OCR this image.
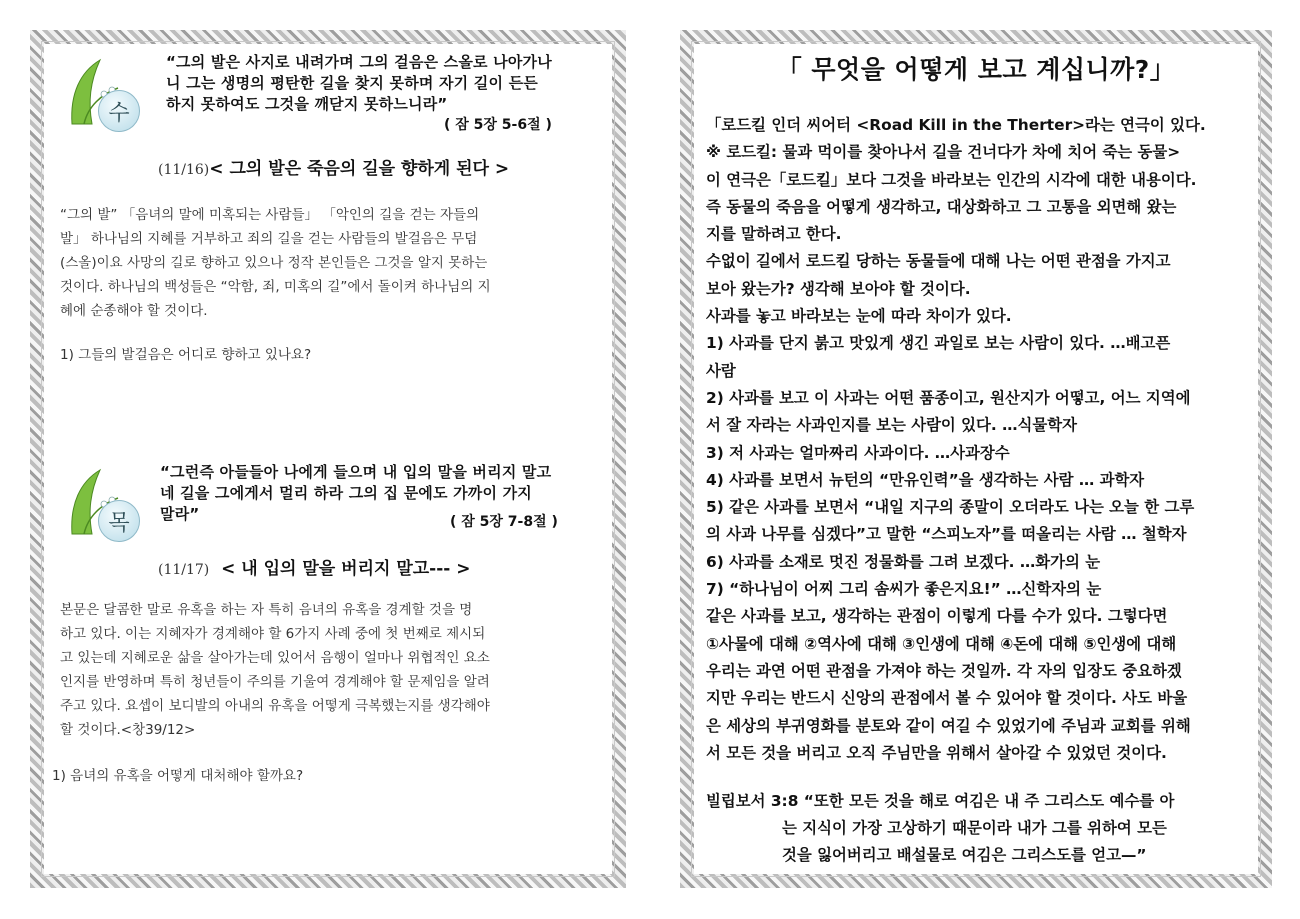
수
“그의 발은 사지로 내려가며 그의 걸음은 스올로 나아가나
니 그는 생명의 평탄한 길을 찾지 못하며 자기 길이 든든
하지 못하여도 그것을 깨닫지 못하느니라”
( 잠 5장 5-6절 )
(11/16)< 그의 발은 죽음의 길을 향하게 된다 >
“그의 발” 「음녀의 말에 미혹되는 사람들」 「악인의 길을 걷는 자들의
발」 하나님의 지혜를 거부하고 죄의 길을 걷는 사람들의 발걸음은 무덤
(스올)이요 사망의 길로 향하고 있으나 정작 본인들은 그것을 알지 못하는
것이다. 하나님의 백성들은 “악함, 죄, 미혹의 길”에서 돌이켜 하나님의 지
혜에 순종해야 할 것이다.
1) 그들의 발걸음은 어디로 향하고 있나요?
목
“그런즉 아들들아 나에게 들으며 내 입의 말을 버리지 말고
네 길을 그에게서 멀리 하라 그의 집 문에도 가까이 가지
말라”	( 잠 5장 7-8절 )
(11/17) < 내 입의 말을 버리지 말고--- >
본문은 달콤한 말로 유혹을 하는 자 특히 음녀의 유혹을 경계할 것을 명
하고 있다. 이는 지혜자가 경계해야 할 6가지 사례 중에 첫 번째로 제시되
고 있는데 지혜로운 삶을 살아가는데 있어서 음행이 얼마나 위협적인 요소
인지를 반영하며 특히 청년들이 주의를 기울여 경계해야 할 문제임을 알려
주고 있다. 요셉이 보디발의 아내의 유혹을 어떻게 극복했는지를 생각해야
할 것이다.<창39/12>
1) 음녀의 유혹을 어떻게 대처해야 할까요?
「 무엇을 어떻게 보고 계십니까?」

「로드킬 인더 씨어터 <Road Kill in the Therter>라는 연극이 있다.

※ 로드킬: 물과 먹이를 찾아나서 길을 건너다가 차에 치어 죽는 동물>

이 연극은「로드킬」보다 그것을 바라보는 인간의 시각에 대한 내용이다.

즉 동물의 죽음을 어떻게 생각하고, 대상화하고 그 고통을 외면해 왔는

지를 말하려고 한다.

수없이 길에서 로드킬 당하는 동물들에 대해 나는 어떤 관점을 가지고

보아 왔는가? 생각해 보아야 할 것이다.

사과를 놓고 바라보는 눈에 따라 차이가 있다.

1) 사과를 단지 붉고 맛있게 생긴 과일로 보는 사람이 있다. …배고픈

사람

2) 사과를 보고 이 사과는 어떤 품종이고, 원산지가 어떻고, 어느 지역에

서 잘 자라는 사과인지를 보는 사람이 있다. …식물학자

3) 저 사과는 얼마짜리 사과이다. …사과장수

4) 사과를 보면서 뉴턴의 “만유인력”을 생각하는 사람 … 과학자

5) 같은 사과를 보면서 “내일 지구의 종말이 오더라도 나는 오늘 한 그루

의 사과 나무를 심겠다”고 말한 “스피노자”를 떠올리는 사람 … 철학자

6) 사과를 소재로 멋진 정물화를 그려 보겠다. …화가의 눈

7) “하나님이 어찌 그리 솜씨가 좋은지요!” …신학자의 눈

같은 사과를 보고, 생각하는 관점이 이렇게 다를 수가 있다. 그렇다면

①사물에 대해 ②역사에 대해 ③인생에 대해 ④돈에 대해 ⑤인생에 대해

우리는 과연 어떤 관점을 가져야 하는 것일까. 각 자의 입장도 중요하겠

지만 우리는 반드시 신앙의 관점에서 볼 수 있어야 할 것이다. 사도 바울

은 세상의 부귀영화를 분토와 같이 여길 수 있었기에 주님과 교회를 위해

서 모든 것을 버리고 오직 주님만을 위해서 살아갈 수 있었던 것이다.

빌립보서 3:8 “또한 모든 것을 해로 여김은 내 주 그리스도 예수를 아
는 지식이 가장 고상하기 때문이라 내가 그를 위하여 모든
것을 잃어버리고 배설물로 여김은 그리스도를 얻고—”
